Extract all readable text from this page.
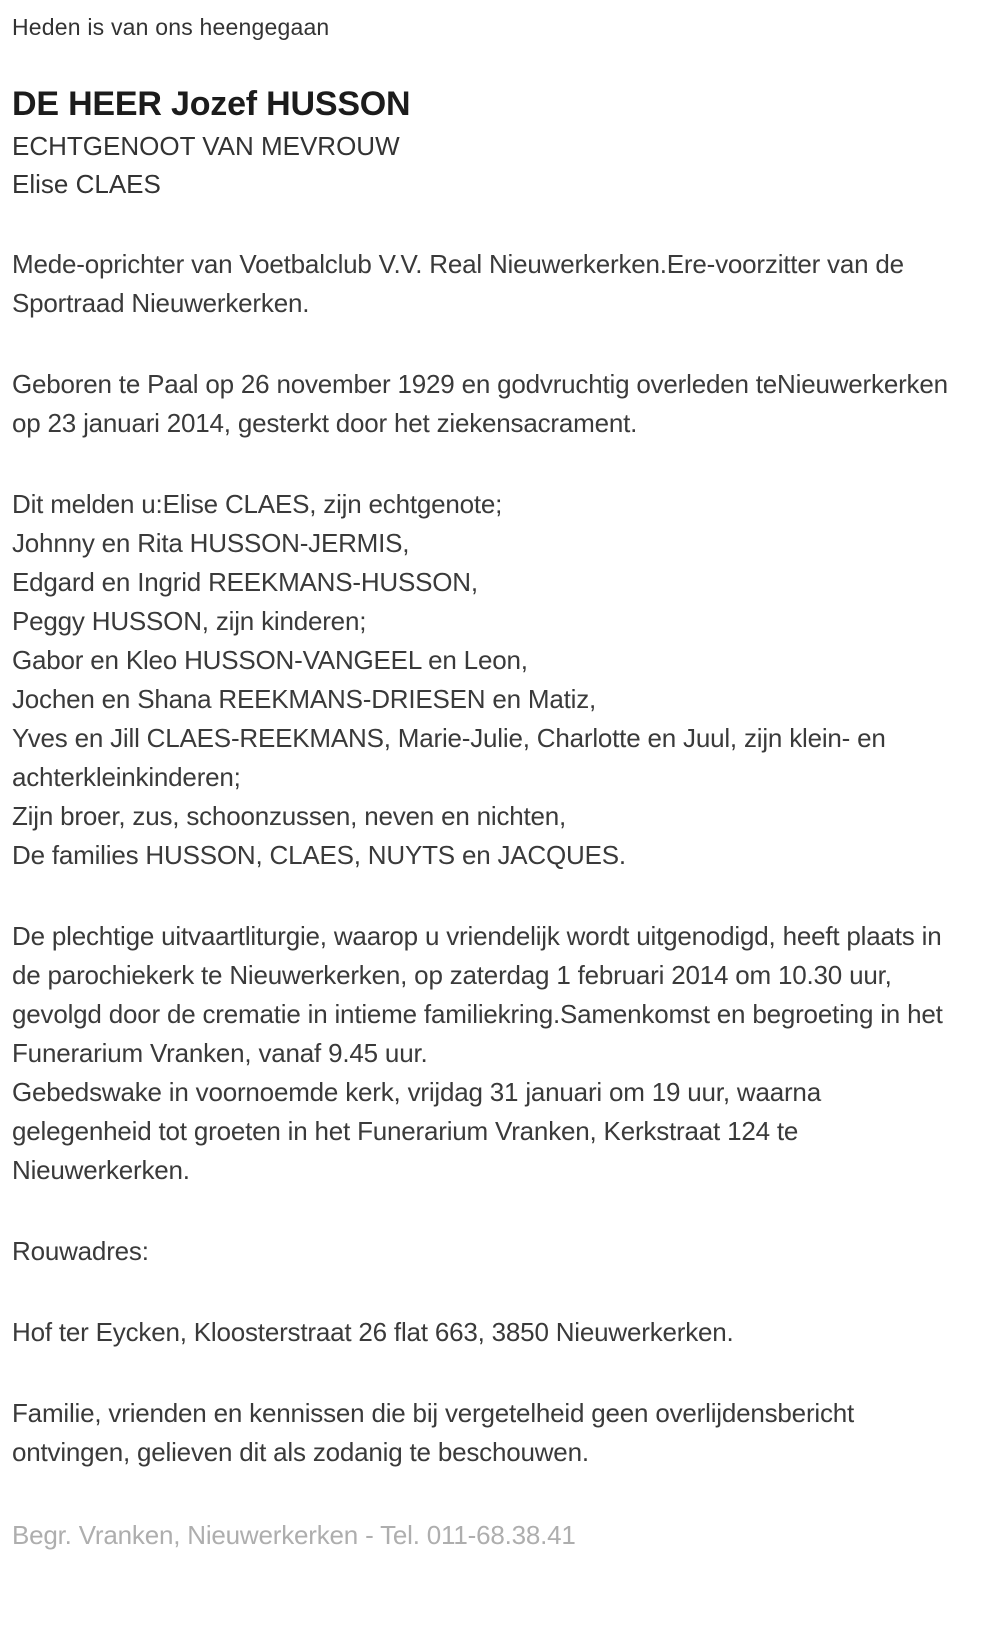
Heden is van ons heengegaan
DE HEER Jozef HUSSON
ECHTGENOOT VAN MEVROUW
Elise CLAES
Mede-oprichter van Voetbalclub V.V. Real Nieuwerkerken.Ere-voorzitter van de Sportraad Nieuwerkerken.
Geboren te Paal op 26 november 1929 en godvruchtig overleden teNieuwerkerken op 23 januari 2014, gesterkt door het ziekensacrament.
Dit melden u:Elise CLAES, zijn echtgenote;
Johnny en Rita HUSSON-JERMIS,
Edgard en Ingrid REEKMANS-HUSSON,
Peggy HUSSON, zijn kinderen;
Gabor en Kleo HUSSON-VANGEEL en Leon,
Jochen en Shana REEKMANS-DRIESEN en Matiz,
Yves en Jill CLAES-REEKMANS, Marie-Julie, Charlotte en Juul, zijn klein- en achterkleinkinderen;
Zijn broer, zus, schoonzussen, neven en nichten,
De families HUSSON, CLAES, NUYTS en JACQUES.
De plechtige uitvaartliturgie, waarop u vriendelijk wordt uitgenodigd, heeft plaats in de parochiekerk te Nieuwerkerken, op zaterdag 1 februari 2014 om 10.30 uur, gevolgd door de crematie in intieme familiekring.Samenkomst en begroeting in het Funerarium Vranken, vanaf 9.45 uur.
Gebedswake in voornoemde kerk, vrijdag 31 januari om 19 uur, waarna gelegenheid tot groeten in het Funerarium Vranken, Kerkstraat 124 te Nieuwerkerken.
Rouwadres:
Hof ter Eycken, Kloosterstraat 26 flat 663, 3850 Nieuwerkerken.
Familie, vrienden en kennissen die bij vergetelheid geen overlijdensbericht ontvingen, gelieven dit als zodanig te beschouwen.
Begr. Vranken, Nieuwerkerken - Tel. 011-68.38.41
